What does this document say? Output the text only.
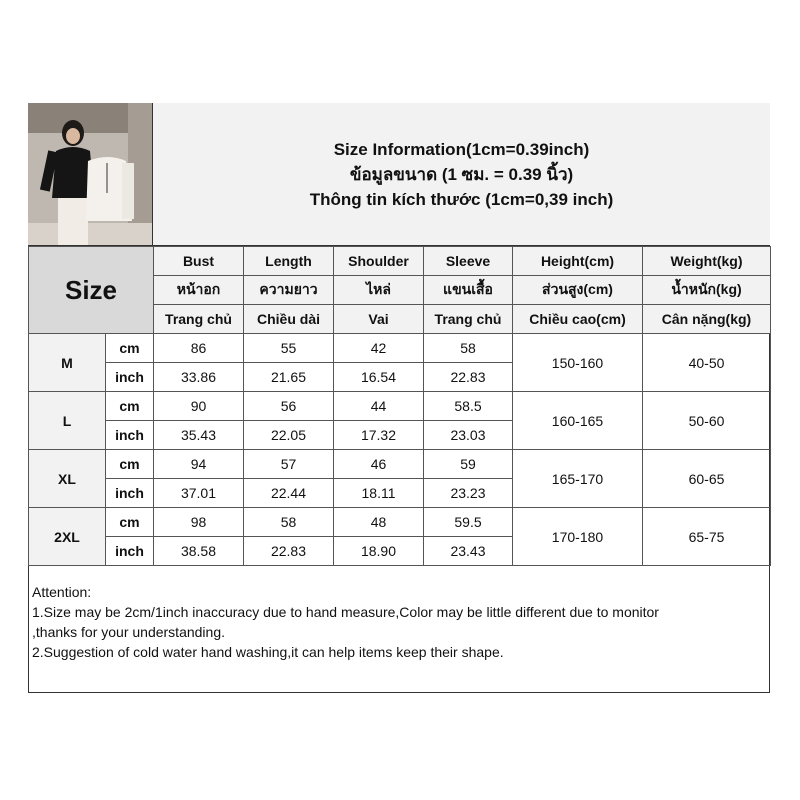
Size Information(1cm=0.39inch)
ข้อมูลขนาด (1 ซม. = 0.39 นิ้ว)
Thông tin kích thước (1cm=0,39 inch)
Size		Bust	Length	Shoulder	Sleeve	Height(cm)	Weight(kg)
		หน้าอก	ความยาว	ไหล่	แขนเสื้อ	ส่วนสูง(cm)	น้ำหนัก(kg)
		Trang chủ	Chiều dài	Vai	Trang chủ	Chiều cao(cm)	Cân nặng(kg)
M	cm	86	55	42	58	150-160	40-50
	inch	33.86	21.65	16.54	22.83		
L	cm	90	56	44	58.5	160-165	50-60
	inch	35.43	22.05	17.32	23.03		
XL	cm	94	57	46	59	165-170	60-65
	inch	37.01	22.44	18.11	23.23		
2XL	cm	98	58	48	59.5	170-180	65-75
	inch	38.58	22.83	18.90	23.43		
Attention:
1.Size may be 2cm/1inch inaccuracy due to hand measure,Color may be little different due to monitor
,thanks for your understanding.
2.Suggestion of cold water hand washing,it can help items keep their shape.
